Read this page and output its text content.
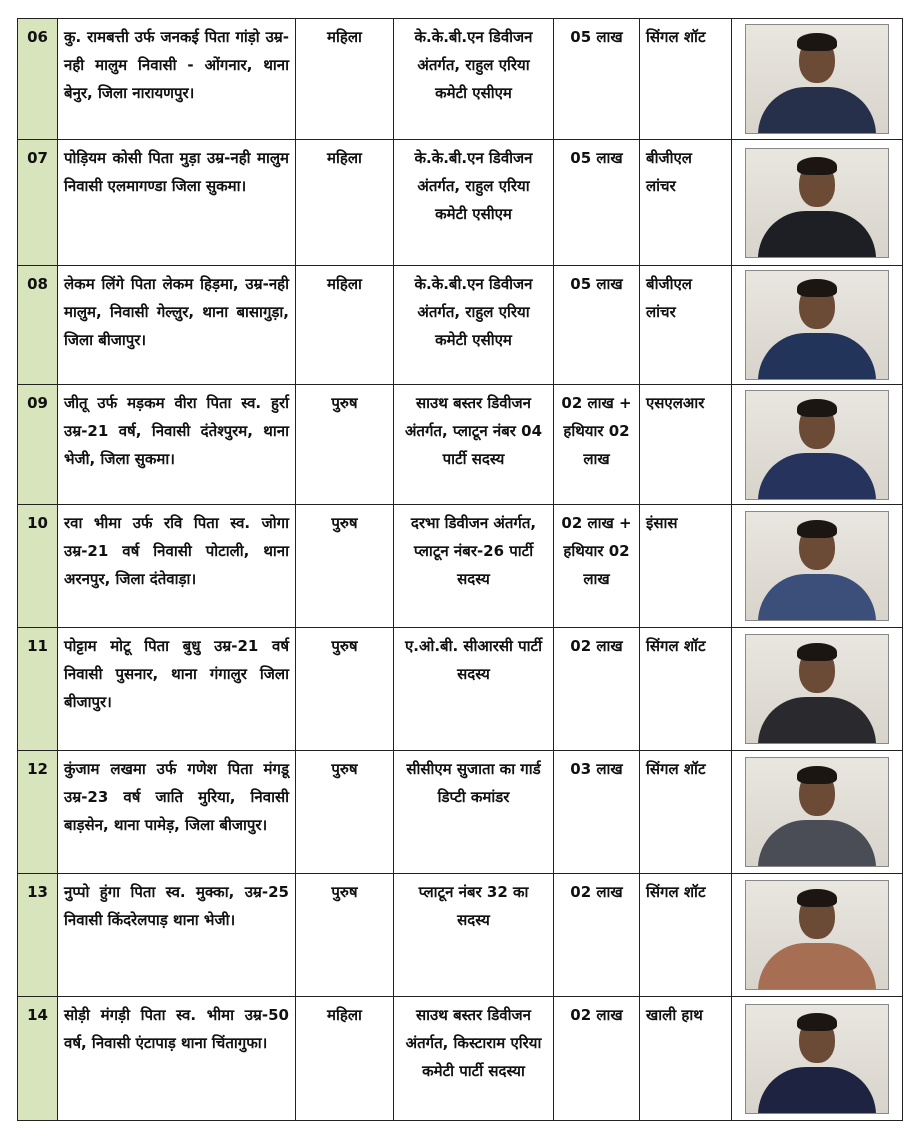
06	कु. रामबत्ती उर्फ जनकई पिता गांड़ो उम्र-नही मालुम निवासी - ओंगनार, थाना बेनुर, जिला नारायणपुर।	महिला	के.के.बी.एन डिवीजन अंतर्गत, राहुल एरिया कमेटी एसीएम	05 लाख	सिंगल शॉट	

07	पोड़ियम कोसी पिता मुड़ा उम्र-नही मालुम निवासी एलमागण्डा जिला सुकमा।	महिला	के.के.बी.एन डिवीजन अंतर्गत, राहुल एरिया कमेटी एसीएम	05 लाख	बीजीएल लांचर	

08	लेकम लिंगे पिता लेकम हिड़मा, उम्र-नही मालुम, निवासी गेल्लुर, थाना बासागुड़ा, जिला बीजापुर।	महिला	के.के.बी.एन डिवीजन अंतर्गत, राहुल एरिया कमेटी एसीएम	05 लाख	बीजीएल लांचर	

09	जीतू उर्फ मड़कम वीरा पिता स्व. हुर्रा उम्र-21 वर्ष, निवासी दंतेश्पुरम, थाना भेजी, जिला सुकमा।	पुरुष	साउथ बस्तर डिवीजन अंतर्गत, प्लाटून नंबर 04 पार्टी सदस्य	02 लाख + हथियार 02 लाख	एसएलआर	

10	रवा भीमा उर्फ रवि पिता स्व. जोगा उम्र-21 वर्ष निवासी पोटाली, थाना अरनपुर, जिला दंतेवाड़ा।	पुरुष	दरभा डिवीजन अंतर्गत, प्लाटून नंबर-26 पार्टी सदस्य	02 लाख + हथियार 02 लाख	इंसास	

11	पोट्टाम मोटू पिता बुधु उम्र-21 वर्ष निवासी पुसनार, थाना गंगालुर जिला बीजापुर।	पुरुष	ए.ओ.बी. सीआरसी पार्टी सदस्य	02 लाख	सिंगल शॉट	

12	कुंजाम लखमा उर्फ गणेश पिता मंगडू उम्र-23 वर्ष जाति मुरिया, निवासी बाड़सेन, थाना पामेड़, जिला बीजापुर।	पुरुष	सीसीएम सुजाता का गार्ड डिप्टी कमांडर	03 लाख	सिंगल शॉट	

13	नुप्पो हुंगा पिता स्व. मुक्का, उम्र-25 निवासी किंदरेलपाड़ थाना भेजी।	पुरुष	प्लाटून नंबर 32 का सदस्य	02 लाख	सिंगल शॉट	

14	सोड़ी मंगड़ी पिता स्व. भीमा उम्र-50 वर्ष, निवासी एंटापाड़ थाना चिंतागुफा।	महिला	साउथ बस्तर डिवीजन अंतर्गत, किस्टाराम एरिया कमेटी पार्टी सदस्या	02 लाख	खाली हाथ	
